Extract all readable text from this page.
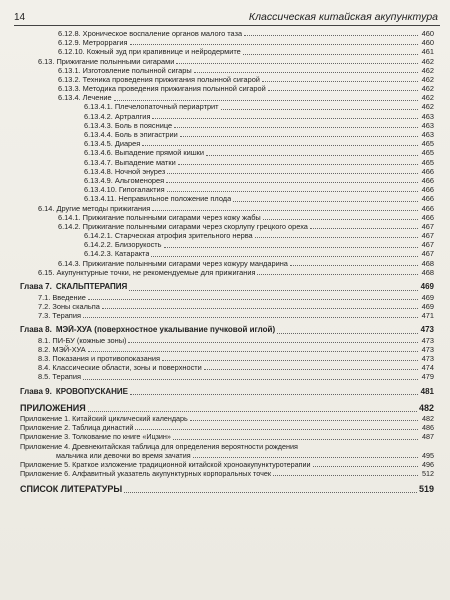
14	Классическая китайская акупунктура
6.12.8. Хроническое воспаление органов малого таза	460
6.12.9. Метроррагия	460
6.12.10. Кожный зуд при крапивнице и нейродермите	461
6.13. Прижигание полынными сигарами	462
6.13.1. Изготовление полынной сигары	462
6.13.2. Техника проведения прижигания полынной сигарой	462
6.13.3. Методика проведения прижигания полынной сигарой	462
6.13.4. Лечение	462
6.13.4.1. Плечелопаточный периартрит	462
6.13.4.2. Артралгия	463
6.13.4.3. Боль в пояснице	463
6.13.4.4. Боль в эпигастрии	463
6.13.4.5. Диарея	465
6.13.4.6. Выпадение прямой кишки	465
6.13.4.7. Выпадение матки	465
6.13.4.8. Ночной энурез	466
6.13.4.9. Альгоменорея	466
6.13.4.10. Гипогалактия	466
6.13.4.11. Неправильное положение плода	466
6.14. Другие методы прижигания	466
6.14.1. Прижигание полынными сигарами через кожу жабы	466
6.14.2. Прижигание полынными сигарами через скорлупу грецкого ореха	467
6.14.2.1. Старческая атрофия зрительного нерва	467
6.14.2.2. Близорукость	467
6.14.2.3. Катаракта	467
6.14.3. Прижигание полынными сигарами через кожуру мандарина	468
6.15. Акупунктурные точки, не рекомендуемые для прижигания	468
Глава 7. СКАЛЬПТЕРАПИЯ	469
7.1. Введение	469
7.2. Зоны скальпа	469
7.3. Терапия	471
Глава 8. МЭЙ-ХУА (поверхностное укалывание пучковой иглой)	473
8.1. ПИ-БУ (кожные зоны)	473
8.2. МЭЙ-ХУА	473
8.3. Показания и противопоказания	473
8.4. Классические области, зоны и поверхности	474
8.5. Терапия	479
Глава 9. КРОВОПУСКАНИЕ	481
ПРИЛОЖЕНИЯ	482
Приложение 1. Китайский циклический календарь	482
Приложение 2. Таблица династий	486
Приложение 3. Толкование по книге «Ицзин»	487
Приложение 4. Древнекитайская таблица для определения вероятности рождения
мальчика или девочки во время зачатия	495
Приложение 5. Краткое изложение традиционной китайской хроноакупунктуротерапии	496
Приложение 6. Алфавитный указатель акупунктурных корпоральных точек	512
СПИСОК ЛИТЕРАТУРЫ	519
